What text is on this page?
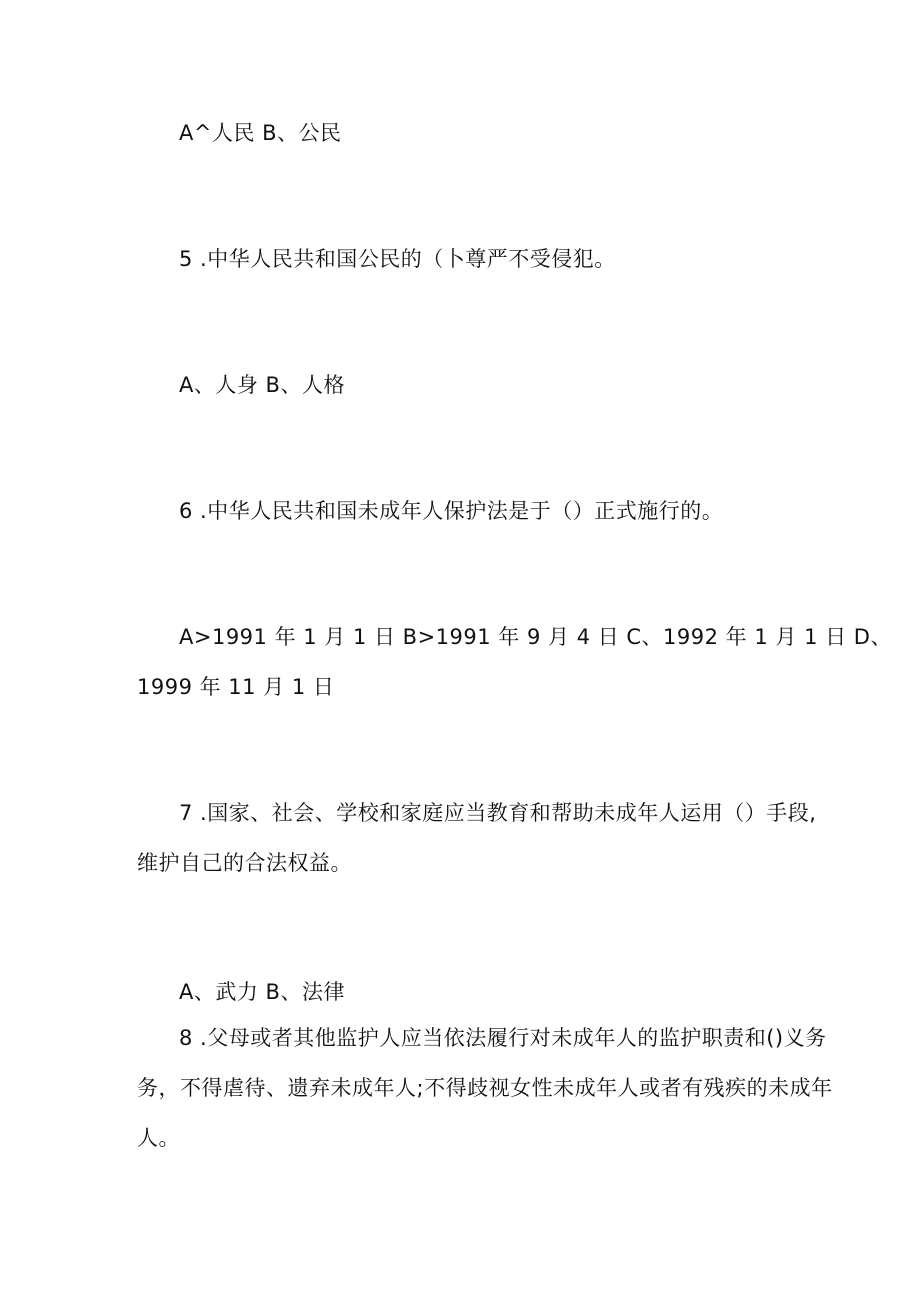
A^人民 B、公民
5 .中华人民共和国公民的（卜尊严不受侵犯。
A、人身 B、人格
6 .中华人民共和国未成年人保护法是于（）正式施行的。
A>1991 年 1 月 1 日 B>1991 年 9 月 4 日 C、1992 年 1 月 1 日 D、
1999 年 11 月 1 日
7 .国家、社会、学校和家庭应当教育和帮助未成年人运用（）手段,
维护自己的合法权益。
A、武力 B、法律
8 .父母或者其他监护人应当依法履行对未成年人的监护职责和()义务
务，不得虐待、遗弃未成年人;不得歧视女性未成年人或者有残疾的未成年
人。
